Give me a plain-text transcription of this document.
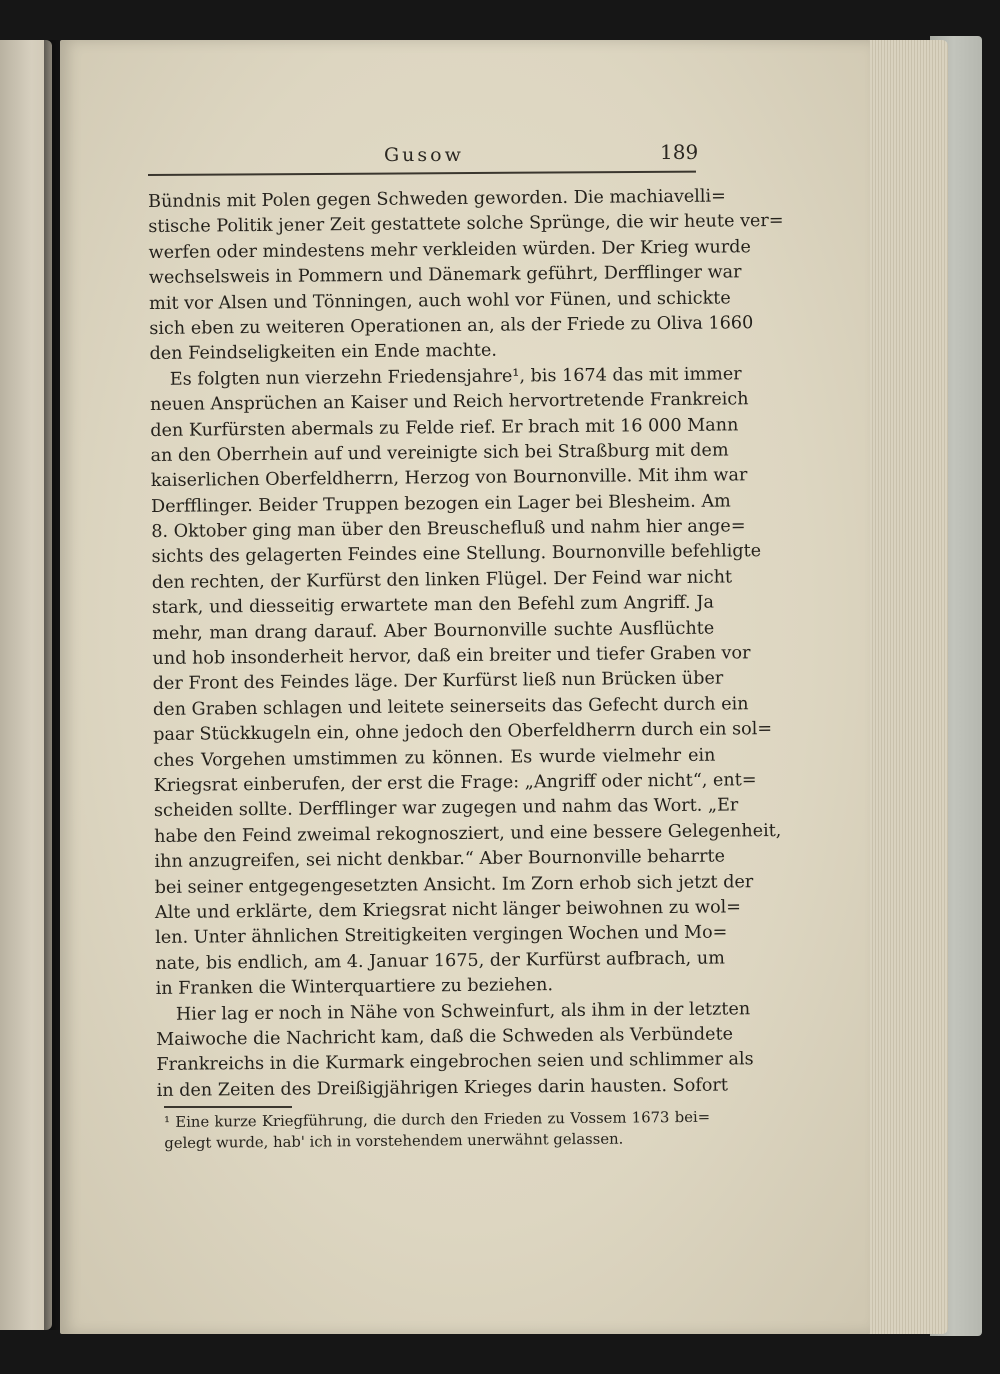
Gusow	189
Bündnis mit Polen gegen Schweden geworden. Die machiavelli=
stische Politik jener Zeit gestattete solche Sprünge, die wir heute ver=
werfen oder mindestens mehr verkleiden würden. Der Krieg wurde
wechselsweis in Pommern und Dänemark geführt, Derfflinger war
mit vor Alsen und Tönningen, auch wohl vor Fünen, und schickte
sich eben zu weiteren Operationen an, als der Friede zu Oliva 1660
den Feindseligkeiten ein Ende machte.
Es folgten nun vierzehn Friedensjahre¹, bis 1674 das mit immer
neuen Ansprüchen an Kaiser und Reich hervortretende Frankreich
den Kurfürsten abermals zu Felde rief. Er brach mit 16 000 Mann
an den Oberrhein auf und vereinigte sich bei Straßburg mit dem
kaiserlichen Oberfeldherrn, Herzog von Bournonville. Mit ihm war
Derfflinger. Beider Truppen bezogen ein Lager bei Blesheim. Am
8. Oktober ging man über den Breuschefluß und nahm hier ange=
sichts des gelagerten Feindes eine Stellung. Bournonville befehligte
den rechten, der Kurfürst den linken Flügel. Der Feind war nicht
stark, und diesseitig erwartete man den Befehl zum Angriff. Ja
mehr, man drang darauf. Aber Bournonville suchte Ausflüchte
und hob insonderheit hervor, daß ein breiter und tiefer Graben vor
der Front des Feindes läge. Der Kurfürst ließ nun Brücken über
den Graben schlagen und leitete seinerseits das Gefecht durch ein
paar Stückkugeln ein, ohne jedoch den Oberfeldherrn durch ein sol=
ches Vorgehen umstimmen zu können. Es wurde vielmehr ein
Kriegsrat einberufen, der erst die Frage: „Angriff oder nicht“, ent=
scheiden sollte. Derfflinger war zugegen und nahm das Wort. „Er
habe den Feind zweimal rekognosziert, und eine bessere Gelegenheit,
ihn anzugreifen, sei nicht denkbar.“ Aber Bournonville beharrte
bei seiner entgegengesetzten Ansicht. Im Zorn erhob sich jetzt der
Alte und erklärte, dem Kriegsrat nicht länger beiwohnen zu wol=
len. Unter ähnlichen Streitigkeiten vergingen Wochen und Mo=
nate, bis endlich, am 4. Januar 1675, der Kurfürst aufbrach, um
in Franken die Winterquartiere zu beziehen.
Hier lag er noch in Nähe von Schweinfurt, als ihm in der letzten
Maiwoche die Nachricht kam, daß die Schweden als Verbündete
Frankreichs in die Kurmark eingebrochen seien und schlimmer als
in den Zeiten des Dreißigjährigen Krieges darin hausten. Sofort
¹ Eine kurze Kriegführung, die durch den Frieden zu Vossem 1673 bei=
gelegt wurde, hab' ich in vorstehendem unerwähnt gelassen.
